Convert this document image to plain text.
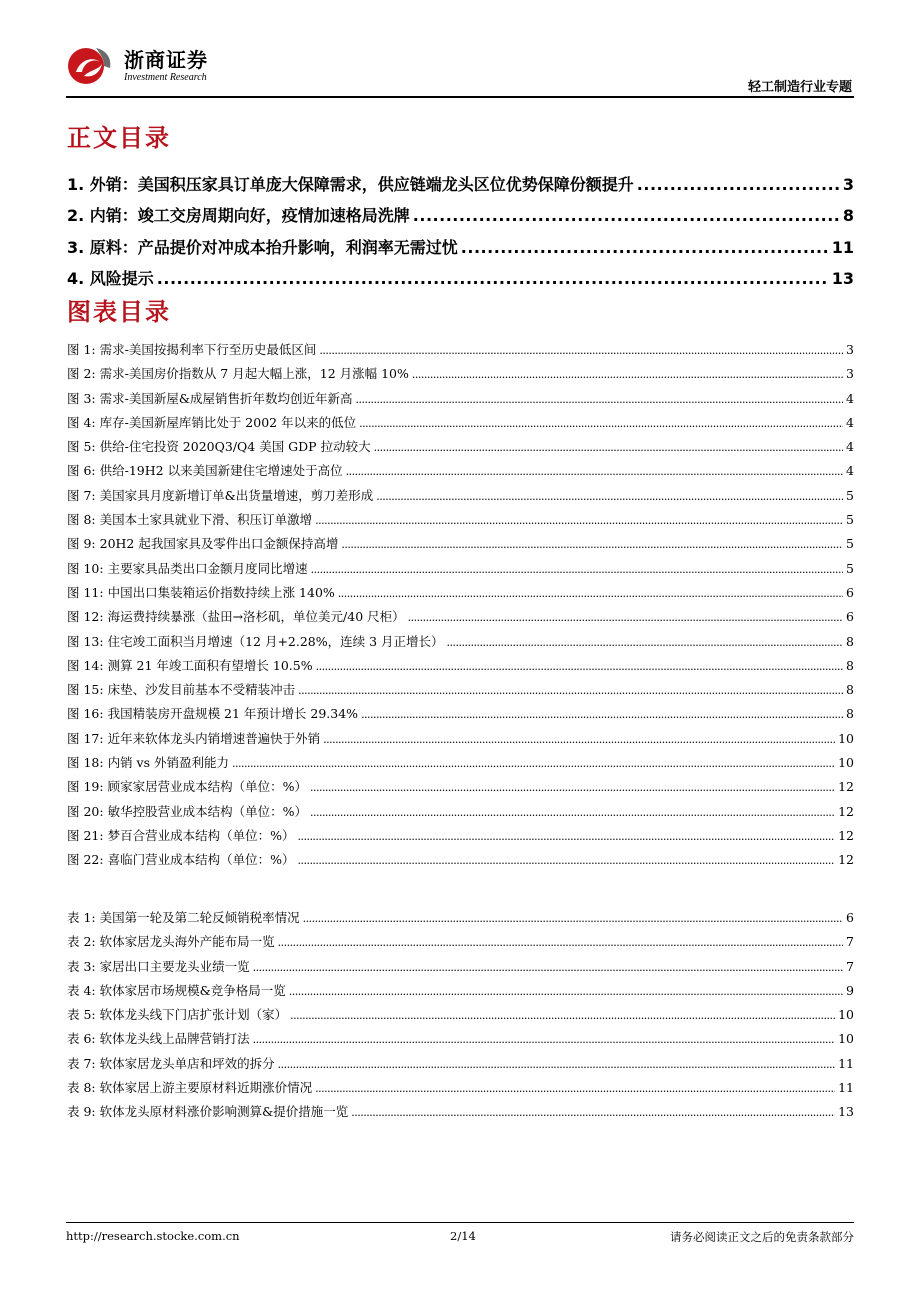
浙商证券
Investment Research
轻工制造行业专题
正文目录
1. 外销：美国积压家具订单庞大保障需求，供应链端龙头区位优势保障份额提升 .....	3
2. 内销：竣工交房周期向好，疫情加速格局洗牌 .....	8
3. 原料：产品提价对冲成本抬升影响，利润率无需过忧 .....	11
4. 风险提示 .....	13
图表目录
图 1: 需求-美国按揭利率下行至历史最低区间 .....	3
图 2: 需求-美国房价指数从 7 月起大幅上涨，12 月涨幅 10% .....	3
图 3: 需求-美国新屋&成屋销售折年数均创近年新高 .....	4
图 4: 库存-美国新屋库销比处于 2002 年以来的低位 .....	4
图 5: 供给-住宅投资 2020Q3/Q4 美国 GDP 拉动较大 .....	4
图 6: 供给-19H2 以来美国新建住宅增速处于高位 .....	4
图 7: 美国家具月度新增订单&出货量增速，剪刀差形成 .....	5
图 8: 美国本土家具就业下滑、积压订单激增 .....	5
图 9: 20H2 起我国家具及零件出口金额保持高增 .....	5
图 10: 主要家具品类出口金额月度同比增速 .....	5
图 11: 中国出口集装箱运价指数持续上涨 140% .....	6
图 12: 海运费持续暴涨（盐田→洛杉矶，单位美元/40 尺柜） .....	6
图 13: 住宅竣工面积当月增速（12 月+2.28%，连续 3 月正增长） .....	8
图 14: 测算 21 年竣工面积有望增长 10.5% .....	8
图 15: 床垫、沙发目前基本不受精装冲击 .....	8
图 16: 我国精装房开盘规模 21 年预计增长 29.34% .....	8
图 17: 近年来软体龙头内销增速普遍快于外销 .....	10
图 18: 内销 vs 外销盈利能力 .....	10
图 19: 顾家家居营业成本结构（单位：%） .....	12
图 20: 敏华控股营业成本结构（单位：%） .....	12
图 21: 梦百合营业成本结构（单位：%） .....	12
图 22: 喜临门营业成本结构（单位：%） .....	12
表 1: 美国第一轮及第二轮反倾销税率情况 .....	6
表 2: 软体家居龙头海外产能布局一览 .....	7
表 3: 家居出口主要龙头业绩一览 .....	7
表 4: 软体家居市场规模&竞争格局一览 .....	9
表 5: 软体龙头线下门店扩张计划（家） .....	10
表 6: 软体龙头线上品牌营销打法 .....	10
表 7: 软体家居龙头单店和坪效的拆分 .....	11
表 8: 软体家居上游主要原材料近期涨价情况 .....	11
表 9: 软体龙头原材料涨价影响测算&提价措施一览 .....	13
http://research.stocke.com.cn	2/14	请务必阅读正文之后的免责条款部分
